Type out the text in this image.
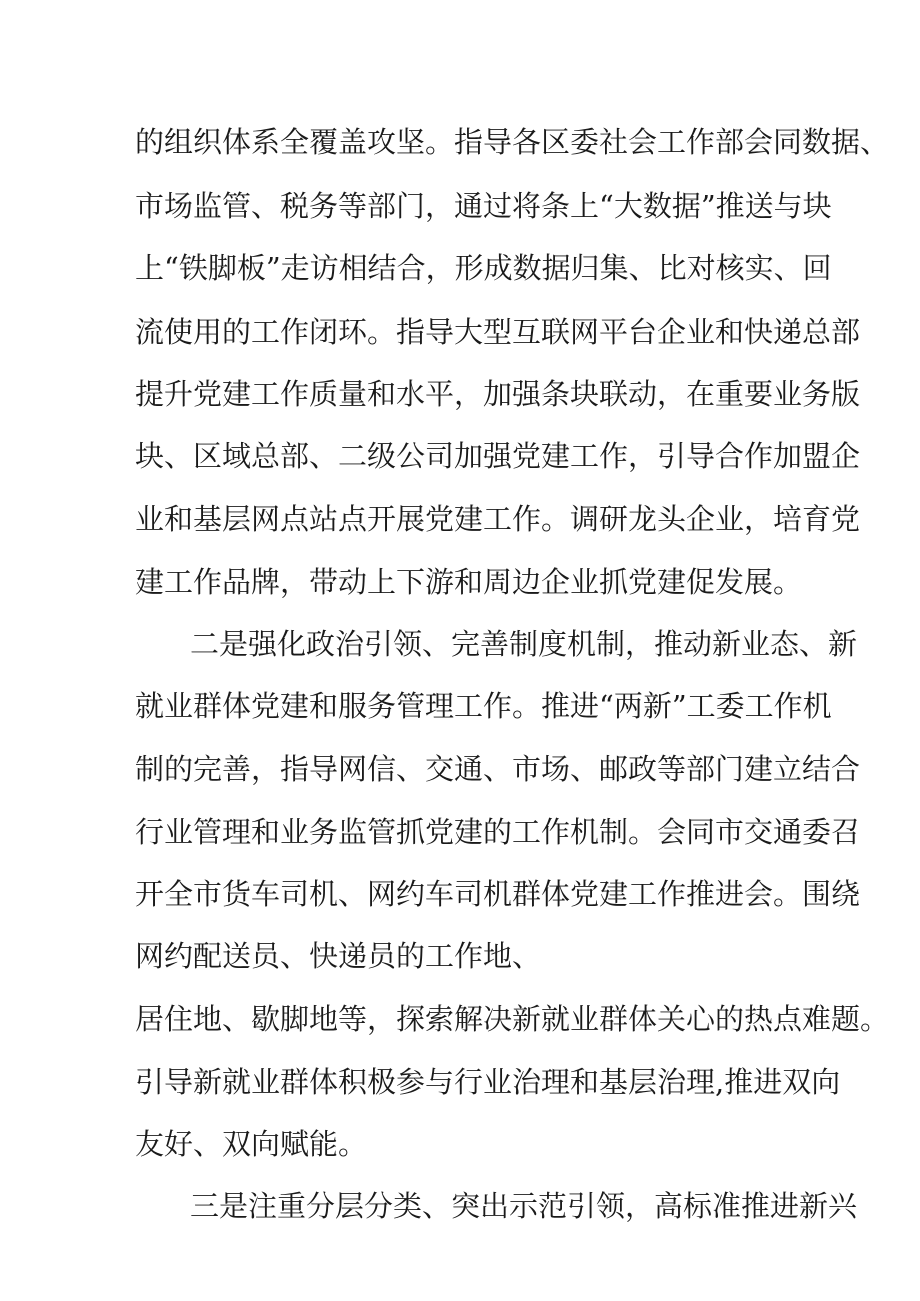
的组织体系全覆盖攻坚。指导各区委社会工作部会同数据、

市场监管、税务等部门，通过将条上“大数据”推送与块

上“铁脚板”走访相结合，形成数据归集、比对核实、回

流使用的工作闭环。指导大型互联网平台企业和快递总部

提升党建工作质量和水平，加强条块联动，在重要业务版

块、区域总部、二级公司加强党建工作，引导合作加盟企

业和基层网点站点开展党建工作。调研龙头企业，培育党

建工作品牌，带动上下游和周边企业抓党建促发展。

二是强化政治引领、完善制度机制，推动新业态、新

就业群体党建和服务管理工作。推进“两新”工委工作机

制的完善，指导网信、交通、市场、邮政等部门建立结合

行业管理和业务监管抓党建的工作机制。会同市交通委召

开全市货车司机、网约车司机群体党建工作推进会。围绕

网约配送员、快递员的工作地、

居住地、歇脚地等，探索解决新就业群体关心的热点难题。

引导新就业群体积极参与行业治理和基层治理,推进双向

友好、双向赋能。

三是注重分层分类、突出示范引领，高标准推进新兴
